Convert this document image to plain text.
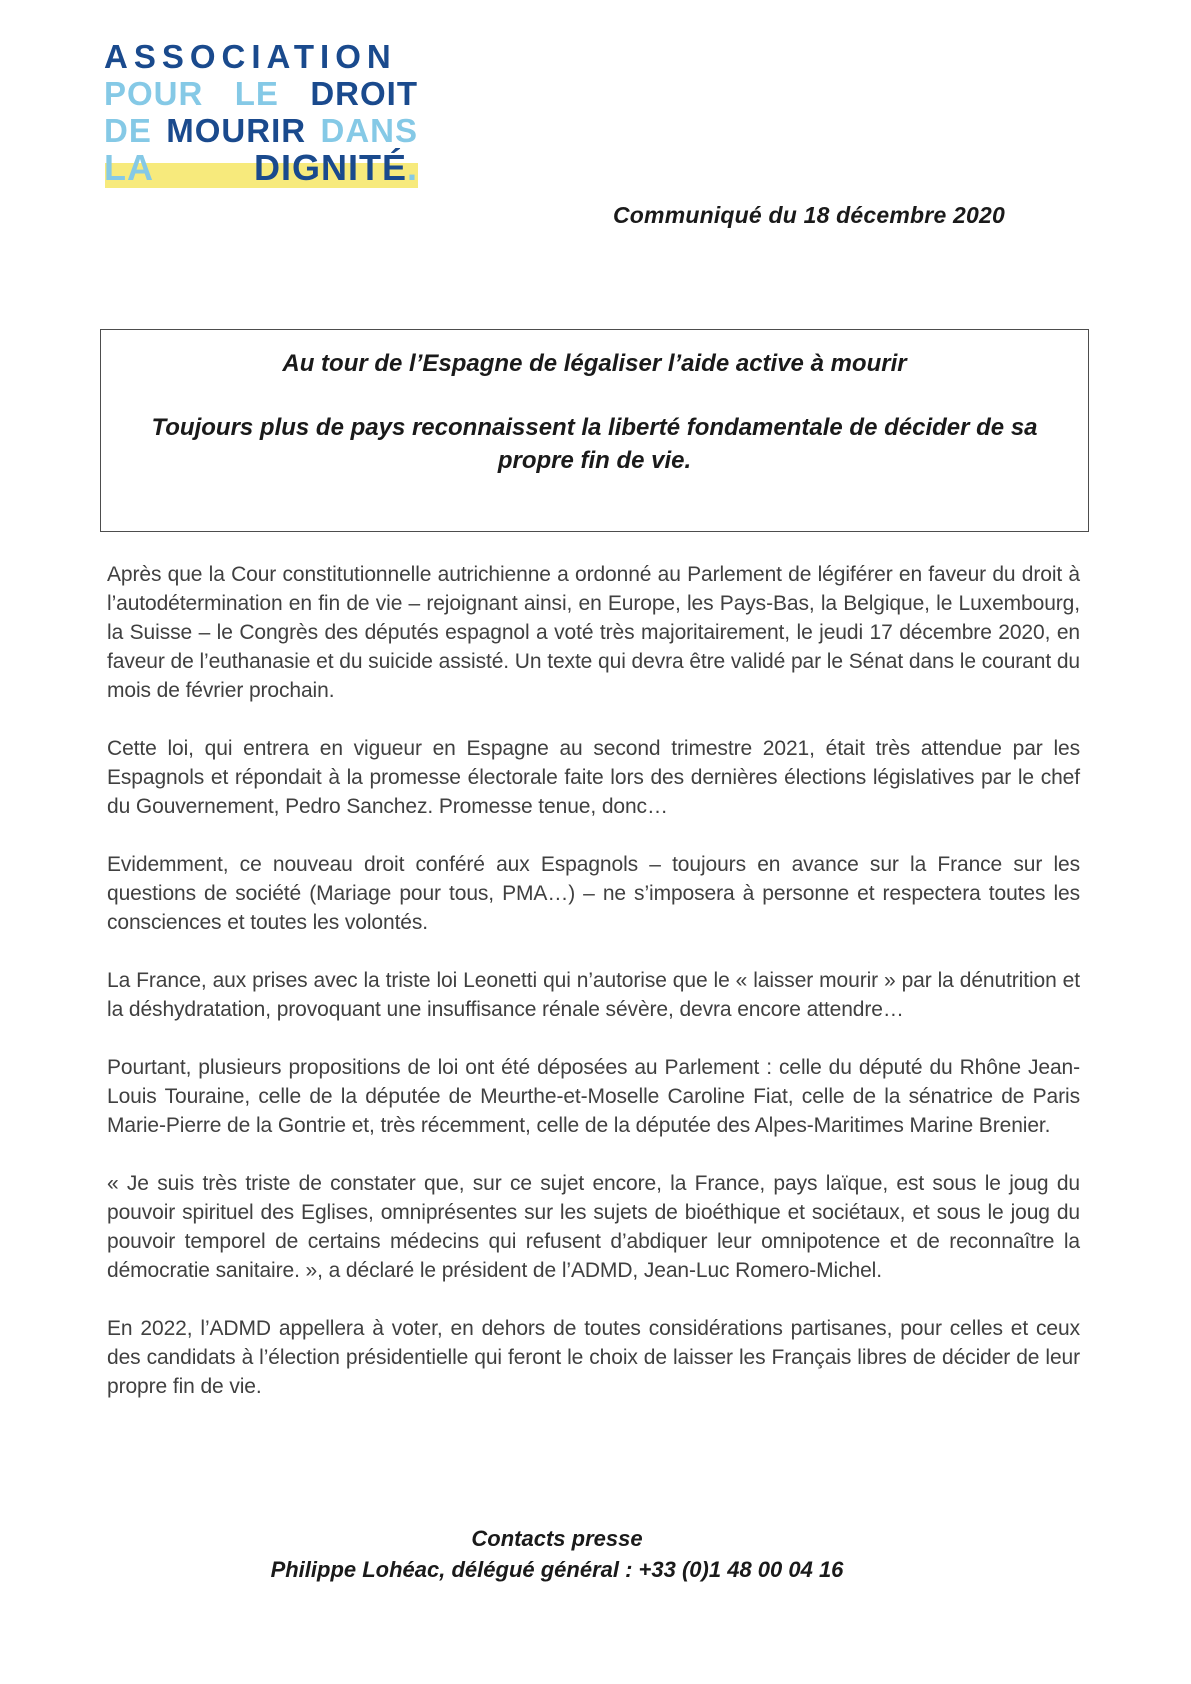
ASSOCIATION
POUR LE DROIT
DE MOURIR DANS
LA	DIGNITÉ.
Communiqué du 18 décembre 2020
Au tour de l’Espagne de légaliser l’aide active à mourir
Toujours plus de pays reconnaissent la liberté fondamentale de décider de sa propre fin de vie.

Après que la Cour constitutionnelle autrichienne a ordonné au Parlement de légiférer en faveur du droit à l’autodétermination en fin de vie – rejoignant ainsi, en Europe, les Pays-Bas, la Belgique, le Luxembourg, la Suisse – le Congrès des députés espagnol a voté très majoritairement, le jeudi 17 décembre 2020, en faveur de l’euthanasie et du suicide assisté. Un texte qui devra être validé par le Sénat dans le courant du mois de février prochain.

Cette loi, qui entrera en vigueur en Espagne au second trimestre 2021, était très attendue par les Espagnols et répondait à la promesse électorale faite lors des dernières élections législatives par le chef du Gouvernement, Pedro Sanchez. Promesse tenue, donc…

Evidemment, ce nouveau droit conféré aux Espagnols – toujours en avance sur la France sur les questions de société (Mariage pour tous, PMA…) – ne s’imposera à personne et respectera toutes les consciences et toutes les volontés.

La France, aux prises avec la triste loi Leonetti qui n’autorise que le « laisser mourir » par la dénutrition et la déshydratation, provoquant une insuffisance rénale sévère, devra encore attendre…

Pourtant, plusieurs propositions de loi ont été déposées au Parlement : celle du député du Rhône Jean-Louis Touraine, celle de la députée de Meurthe-et-Moselle Caroline Fiat, celle de la sénatrice de Paris Marie-Pierre de la Gontrie et, très récemment, celle de la députée des Alpes-Maritimes Marine Brenier.

« Je suis très triste de constater que, sur ce sujet encore, la France, pays laïque, est sous le joug du pouvoir spirituel des Eglises, omniprésentes sur les sujets de bioéthique et sociétaux, et sous le joug du pouvoir temporel de certains médecins qui refusent d’abdiquer leur omnipotence et de reconnaître la démocratie sanitaire. », a déclaré le président de l’ADMD, Jean-Luc Romero-Michel.

En 2022, l’ADMD appellera à voter, en dehors de toutes considérations partisanes, pour celles et ceux des candidats à l’élection présidentielle qui feront le choix de laisser les Français libres de décider de leur propre fin de vie.

Contacts presse
Philippe Lohéac, délégué général : +33 (0)1 48 00 04 16
